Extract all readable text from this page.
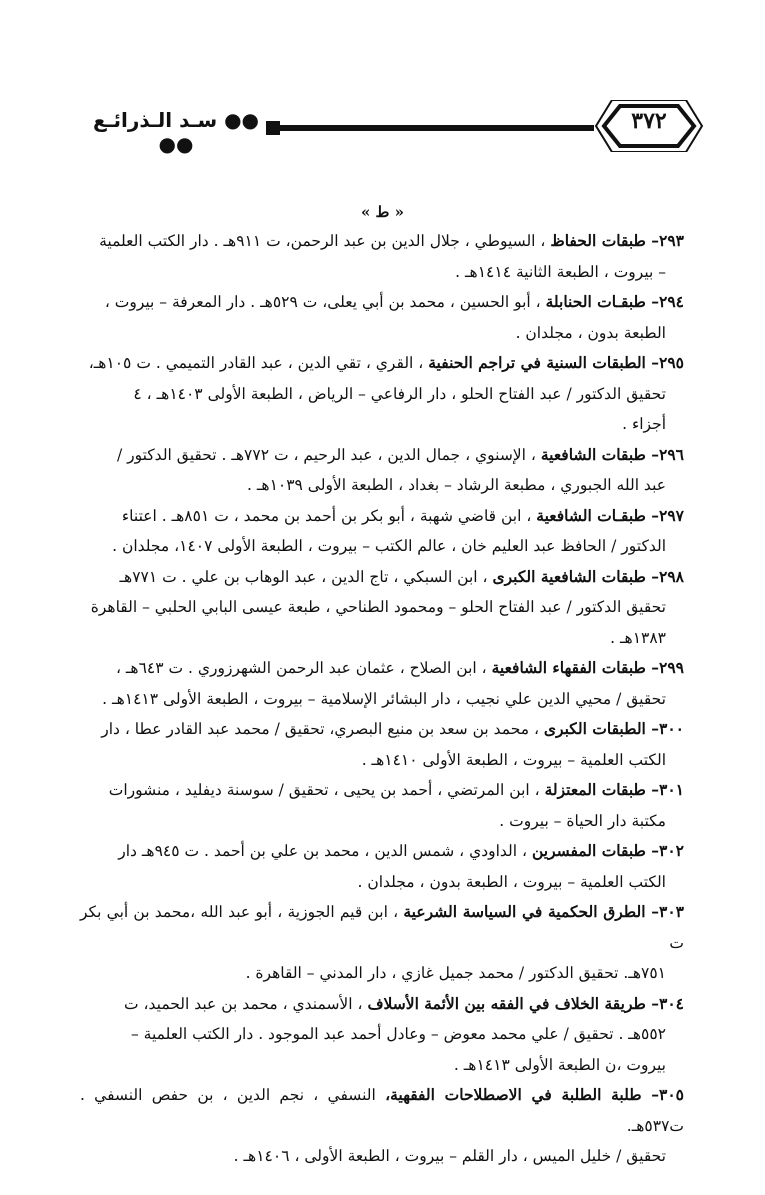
٣٧٢
●● سـد الـذرائـع ●●
« ط »
٢٩٣– طبقات الحفاظ ، السيوطي ، جلال الدين بن عبد الرحمن، ت ٩١١هـ . دار الكتب العلمية
– بيروت ، الطبعة الثانية ١٤١٤هـ .
٢٩٤– طبقـات الحنابلة ، أبو الحسين ، محمد بن أبي يعلى، ت ٥٢٩هـ . دار المعرفة – بيروت ،
الطبعة بدون ، مجلدان .
٢٩٥– الطبقات السنية في تراجم الحنفية ، القري ، تقي الدين ، عبد القادر التميمي . ت ١٠٥هـ،
تحقيق الدكتور / عبد الفتاح الحلو ، دار الرفاعي – الرياض ، الطبعة الأولى ١٤٠٣هـ ، ٤
أجزاء .
٢٩٦– طبقات الشافعية ، الإسنوي ، جمال الدين ، عبد الرحيم ، ت ٧٧٢هـ . تحقيق الدكتور /
عبد الله الجبوري ، مطبعة الرشاد – بغداد ، الطبعة الأولى ١٠٣٩هـ .
٢٩٧– طبقـات الشافعية ، ابن قاضي شهبة ، أبو بكر بن أحمد بن محمد ، ت ٨٥١هـ . اعتناء
الدكتور / الحافظ عبد العليم خان ، عالم الكتب – بيروت ، الطبعة الأولى ١٤٠٧، مجلدان .
٢٩٨– طبقات الشافعية الكبرى ، ابن السبكي ، تاج الدين ، عبد الوهاب بن علي . ت ٧٧١هـ
تحقيق الدكتور / عبد الفتاح الحلو – ومحمود الطناحي ، طبعة عيسى البابي الحلبي – القاهرة
١٣٨٣هـ .
٢٩٩– طبقات الفقهاء الشافعية ، ابن الصلاح ، عثمان عبد الرحمن الشهرزوري . ت ٦٤٣هـ ،
تحقيق / محيي الدين علي نجيب ، دار البشائر الإسلامية – بيروت ، الطبعة الأولى ١٤١٣هـ .
٣٠٠– الطبقات الكبرى ، محمد بن سعد بن منيع البصري، تحقيق / محمد عبد القادر عطا ، دار
الكتب العلمية – بيروت ، الطبعة الأولى ١٤١٠هـ .
٣٠١– طبقات المعتزلة ، ابن المرتضي ، أحمد بن يحيى ، تحقيق / سوسنة ديفليد ، منشورات
مكتبة دار الحياة – بيروت .
٣٠٢– طبقات المفسرين ، الداودي ، شمس الدين ، محمد بن علي بن أحمد . ت ٩٤٥هـ دار
الكتب العلمية – بيروت ، الطبعة بدون ، مجلدان .
٣٠٣– الطرق الحكمية في السياسة الشرعية ، ابن قيم الجوزية ، أبو عبد الله ،محمد بن أبي بكر ت
٧٥١هـ. تحقيق الدكتور / محمد جميل غازي ، دار المدني – القاهرة .
٣٠٤– طريقة الخلاف في الفقه بين الأئمة الأسلاف ، الأسمندي ، محمد بن عبد الحميد، ت
٥٥٢هـ . تحقيق / علي محمد معوض – وعادل أحمد عبد الموجود . دار الكتب العلمية –
بيروت ،ن الطبعة الأولى ١٤١٣هـ .
٣٠٥– طلبة الطلبة في الاصطلاحات الفقهية، النسفي ، نجم الدين ، بن حفص النسفي . ت٥٣٧هـ.
تحقيق / خليل الميس ، دار القلم – بيروت ، الطبعة الأولى ، ١٤٠٦هـ .
